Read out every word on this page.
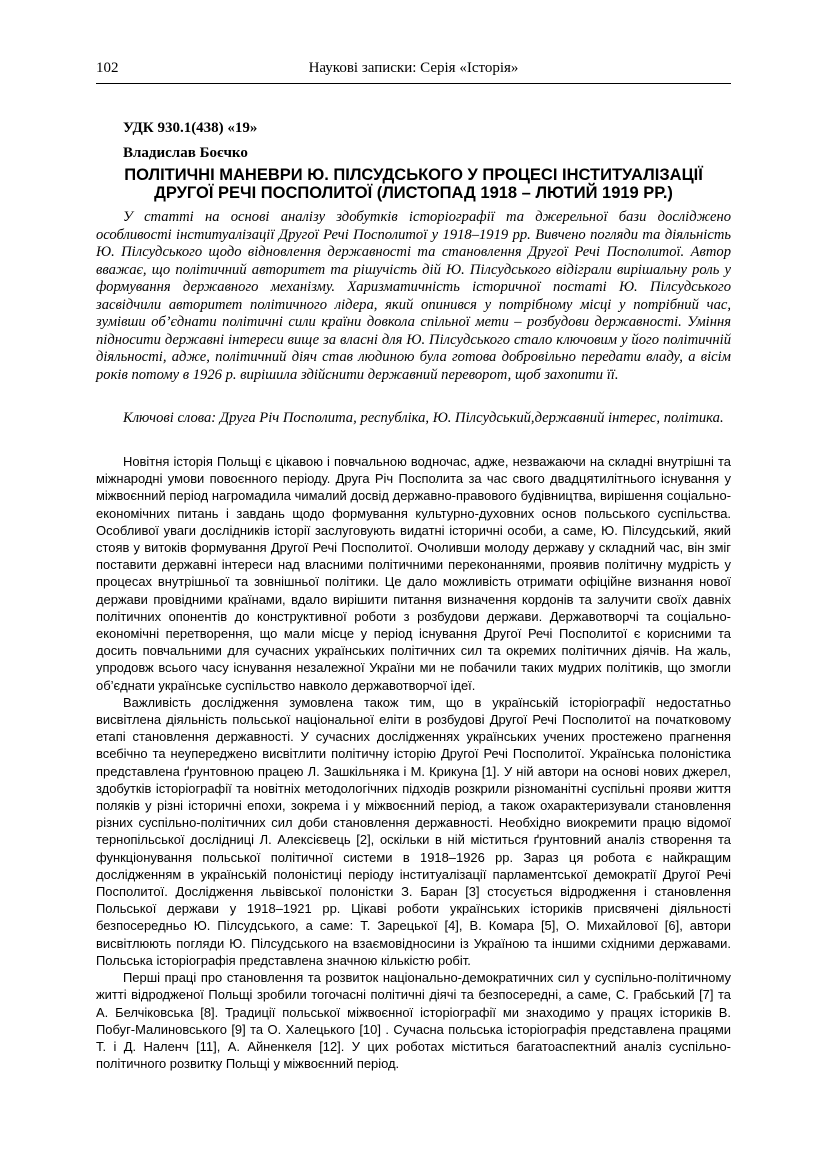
102	Наукові записки: Серія «Історія»
УДК 930.1(438) «19»
Владислав Боєчко
ПОЛІТИЧНІ МАНЕВРИ Ю. ПІЛСУДСЬКОГО У ПРОЦЕСІ ІНСТИТУАЛІЗАЦІЇ ДРУГОЇ РЕЧІ ПОСПОЛИТОЇ (ЛИСТОПАД 1918 – ЛЮТИЙ 1919 РР.)

У статті на основі аналізу здобутків історіографії та джерельної бази досліджено особливості інституалізації Другої Речі Посполитої у 1918–1919 рр. Вивчено погляди та діяльність Ю. Пілсудського щодо відновлення державності та становлення Другої Речі Посполитої. Автор вважає, що політичний авторитет та рішучість дій Ю. Пілсудського відіграли вирішальну роль у формування державного механізму. Харизматичність історичної постаті Ю. Пілсудського засвідчили авторитет політичного лідера, який опинився у потрібному місці у потрібний час, зумівши об’єднати політичні сили країни довкола спільної мети – розбудови державності. Уміння підносити державні інтереси вище за власні для Ю. Пілсудського стало ключовим у його політичній діяльності, адже, політичний діяч став людиною була готова добровільно передати владу, а вісім років потому в 1926 р. вирішила здійснити державний переворот, щоб захопити її.

Ключові слова: Друга Річ Посполита, республіка, Ю. Пілсудський,державний інтерес, політика.

Новітня історія Польщі є цікавою і повчальною водночас, адже, незважаючи на складні внутрішні та міжнародні умови повоєнного періоду. Друга Річ Посполита за час свого двадцятилітнього існування у міжвоєнний період нагромадила чималий досвід державно-правового будівництва, вирішення соціально-економічних питань і завдань щодо формування культурно-духовних основ польського суспільства. Особливої уваги дослідників історії заслуговують видатні історичні особи, а саме, Ю. Пілсудський, який стояв у витоків формування Другої Речі Посполитої. Очоливши молоду державу у складний час, він зміг поставити державні інтереси над власними політичними переконаннями, проявив політичну мудрість у процесах внутрішньої та зовнішньої політики. Це дало можливість отримати офіційне визнання нової держави провідними країнами, вдало вирішити питання визначення кордонів та залучити своїх давніх політичних опонентів до конструктивної роботи з розбудови держави. Державотворчі та соціально-економічні перетворення, що мали місце у період існування Другої Речі Посполитої є корисними та досить повчальними для сучасних українських політичних сил та окремих політичних діячів. На жаль, упродовж всього часу існування незалежної України ми не побачили таких мудрих політиків, що змогли об’єднати українське суспільство навколо державотворчої ідеї.

Важливість дослідження зумовлена також тим, що в українській історіографії недостатньо висвітлена діяльність польської національної еліти в розбудові Другої Речі Посполитої на початковому етапі становлення державності. У сучасних дослідженнях українських учених простежено прагнення всебічно та неупереджено висвітлити політичну історію Другої Речі Посполитої. Українська полоністика представлена ґрунтовною працею Л. Зашкільняка і М. Крикуна [1]. У ній автори на основі нових джерел, здобутків історіографії та новітніх методологічних підходів розкрили різноманітні суспільні прояви життя поляків у різні історичні епохи, зокрема і у міжвоєнний період, а також охарактеризували становлення різних суспільно-політичних сил доби становлення державності. Необхідно виокремити працю відомої тернопільської дослідниці Л. Алексієвець [2], оскільки в ній міститься ґрунтовний аналіз створення та функціонування польської політичної системи в 1918–1926 рр. Зараз ця робота є найкращим дослідженням в українській полоністиці періоду інституалізації парламентської демократії Другої Речі Посполитої. Дослідження львівської полоністки З. Баран [3] стосується відродження і становлення Польської держави у 1918–1921 рр. Цікаві роботи українських істориків присвячені діяльності безпосередньо Ю. Пілсудського, а саме: Т. Зарецької [4], В. Комара [5], О. Михайлової [6], автори висвітлюють погляди Ю. Пілсудського на взаємовідносини із Україною та іншими східними державами. Польська історіографія представлена значною кількістю робіт.

Перші праці про становлення та розвиток національно-демократичних сил у суспільно-політичному житті відродженої Польщі зробили тогочасні політичні діячі та безпосередні, а саме, С. Грабський [7] та А. Белчіковська [8]. Традиції польської міжвоєнної історіографії ми знаходимо у працях істориків В. Побуг-Малиновського [9] та О. Халецького [10] . Сучасна польська історіографія представлена працями Т. і Д. Наленч [11], А. Айненкеля [12]. У цих роботах міститься багатоаспектний аналіз суспільно-політичного розвитку Польщі у міжвоєнний період.
